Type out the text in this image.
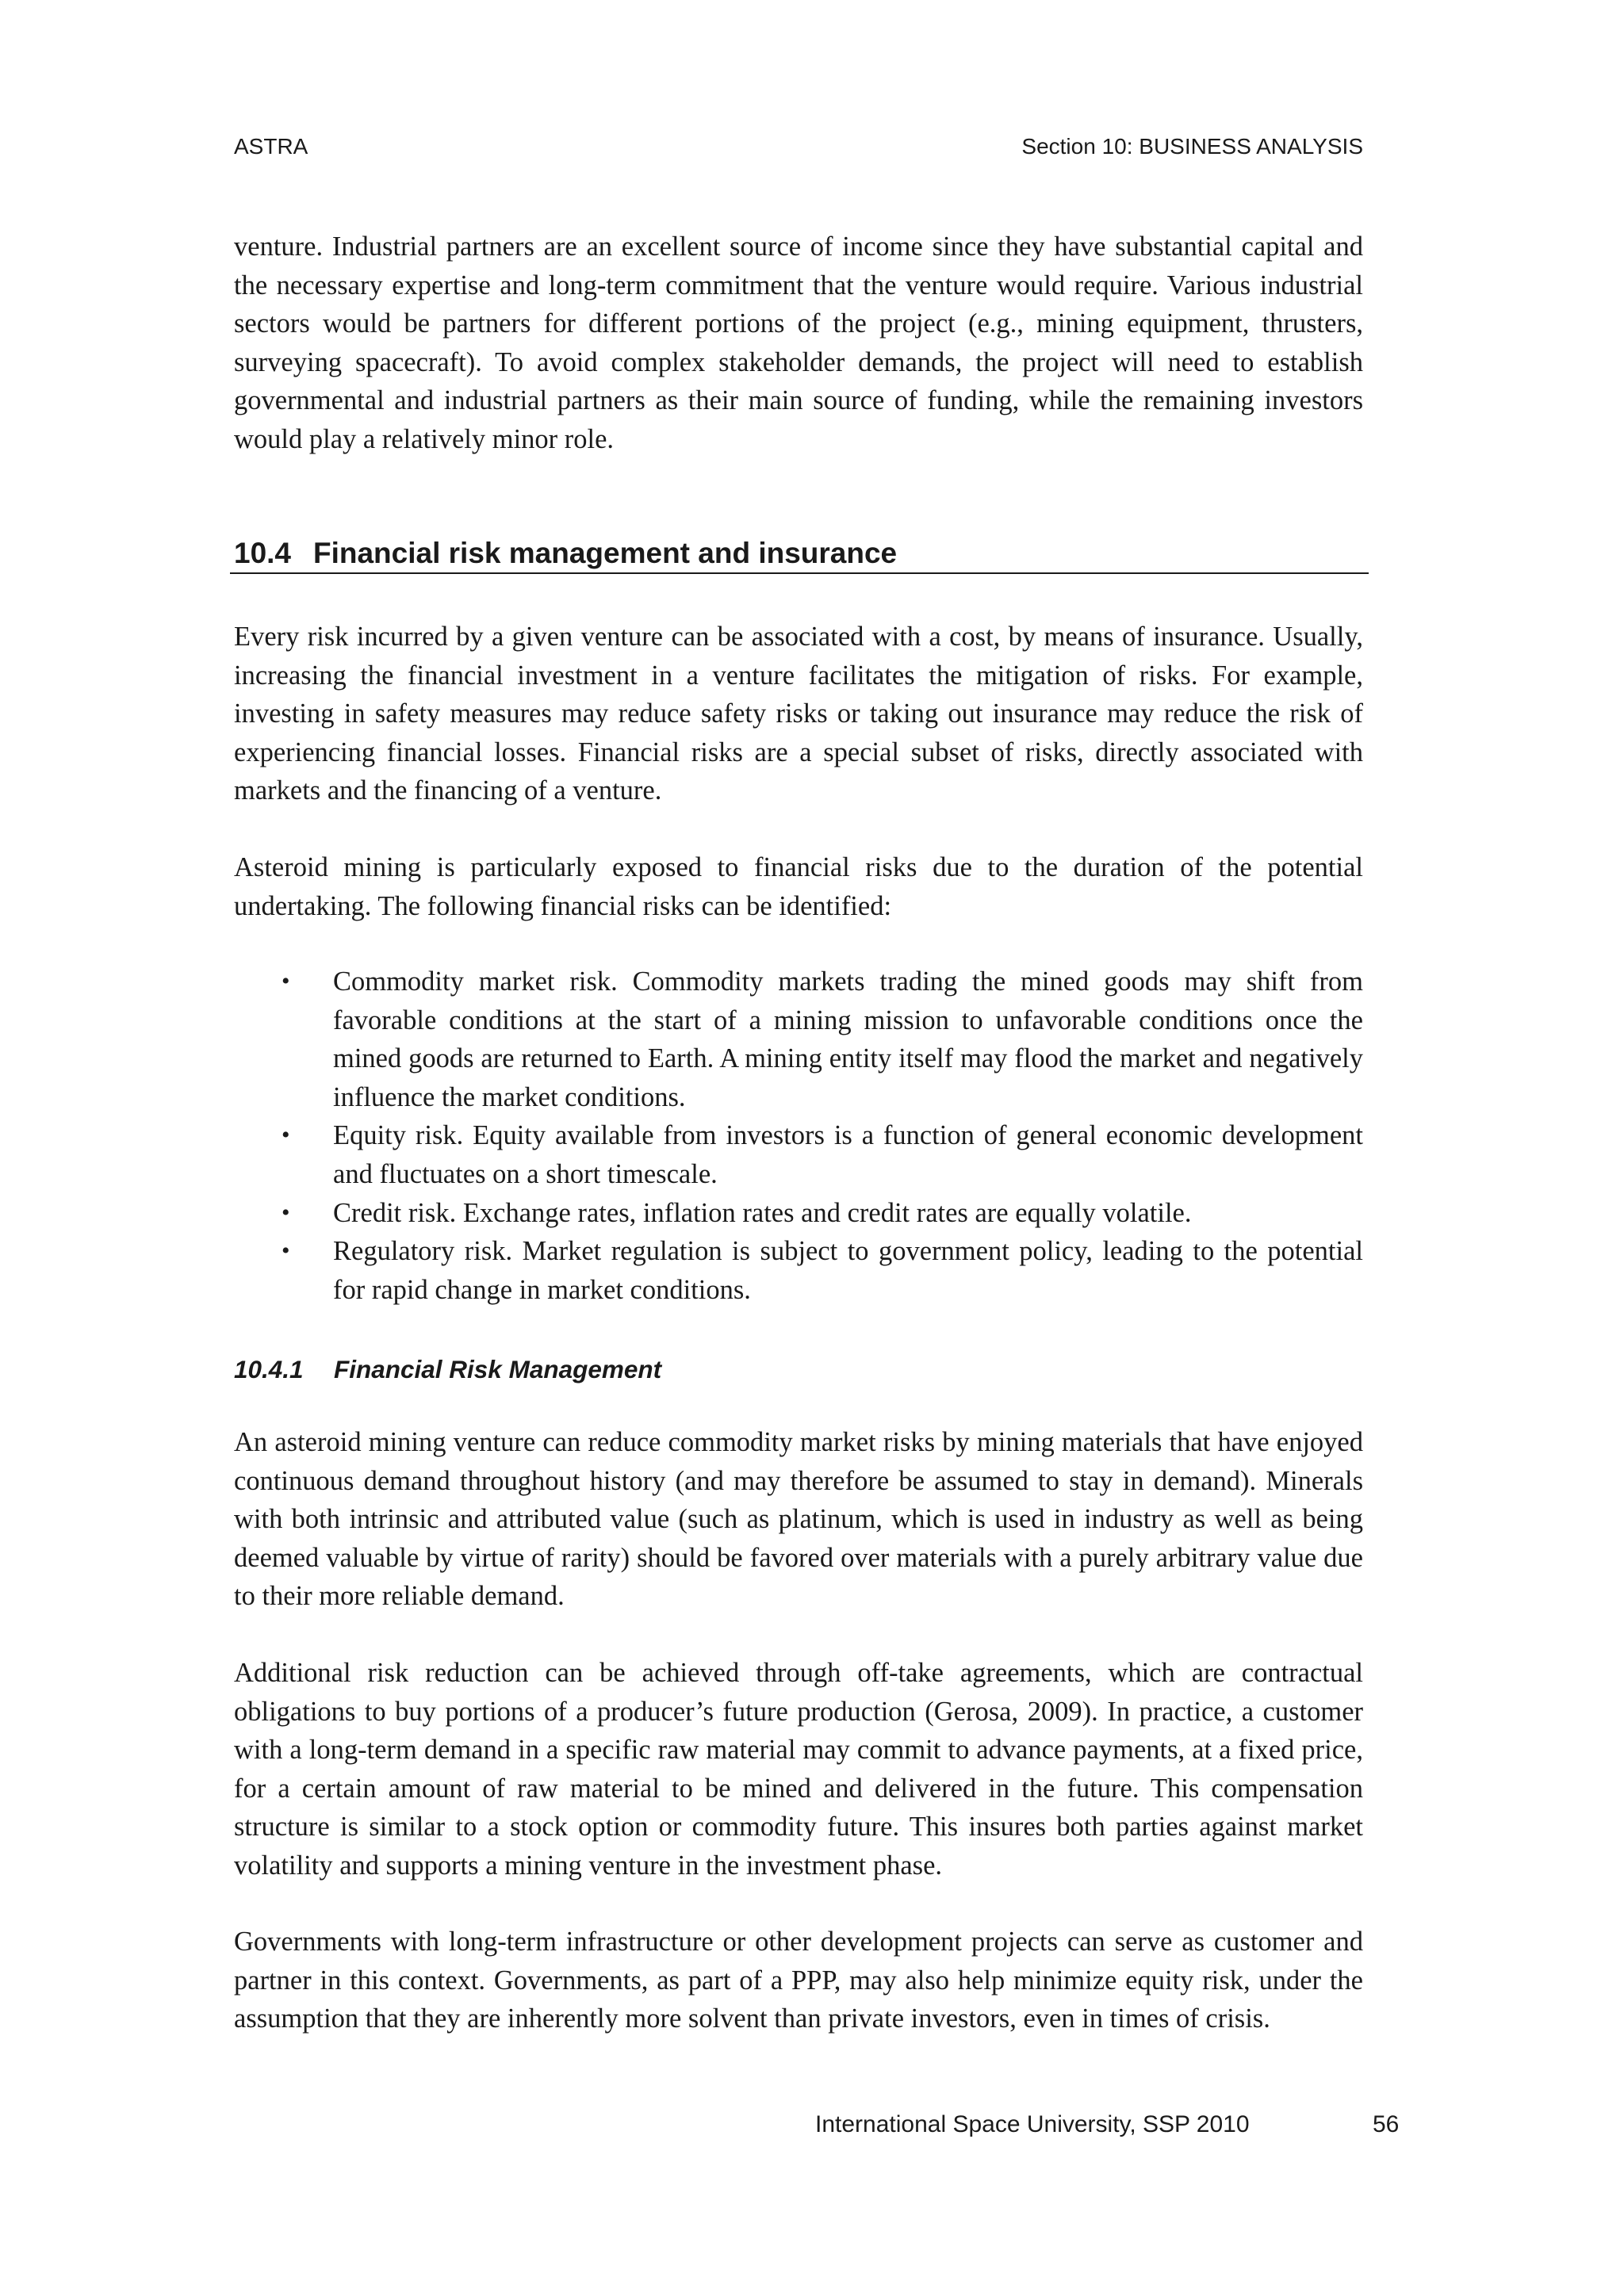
ASTRA	Section 10: BUSINESS ANALYSIS

venture. Industrial partners are an excellent source of income since they have substantial capital and the necessary expertise and long-term commitment that the venture would require. Various industrial sectors would be partners for different portions of the project (e.g., mining equipment, thrusters, surveying spacecraft). To avoid complex stakeholder demands, the project will need to establish governmental and industrial partners as their main source of funding, while the remaining investors would play a relatively minor role.

10.4 Financial risk management and insurance

Every risk incurred by a given venture can be associated with a cost, by means of insurance. Usually, increasing the financial investment in a venture facilitates the mitigation of risks. For example, investing in safety measures may reduce safety risks or taking out insurance may reduce the risk of experiencing financial losses. Financial risks are a special subset of risks, directly associated with markets and the financing of a venture.

Asteroid mining is particularly exposed to financial risks due to the duration of the potential undertaking. The following financial risks can be identified:

• Commodity market risk. Commodity markets trading the mined goods may shift from favorable conditions at the start of a mining mission to unfavorable conditions once the mined goods are returned to Earth. A mining entity itself may flood the market and negatively influence the market conditions.
• Equity risk. Equity available from investors is a function of general economic development and fluctuates on a short timescale.
• Credit risk. Exchange rates, inflation rates and credit rates are equally volatile.
• Regulatory risk. Market regulation is subject to government policy, leading to the potential for rapid change in market conditions.
10.4.1 Financial Risk Management

An asteroid mining venture can reduce commodity market risks by mining materials that have enjoyed continuous demand throughout history (and may therefore be assumed to stay in demand). Minerals with both intrinsic and attributed value (such as platinum, which is used in industry as well as being deemed valuable by virtue of rarity) should be favored over materials with a purely arbitrary value due to their more reliable demand.

Additional risk reduction can be achieved through off-take agreements, which are contractual obligations to buy portions of a producer’s future production (Gerosa, 2009). In practice, a customer with a long-term demand in a specific raw material may commit to advance payments, at a fixed price, for a certain amount of raw material to be mined and delivered in the future. This compensation structure is similar to a stock option or commodity future. This insures both parties against market volatility and supports a mining venture in the investment phase.

Governments with long-term infrastructure or other development projects can serve as customer and partner in this context. Governments, as part of a PPP, may also help minimize equity risk, under the assumption that they are inherently more solvent than private investors, even in times of crisis.

International Space University, SSP 2010	56
